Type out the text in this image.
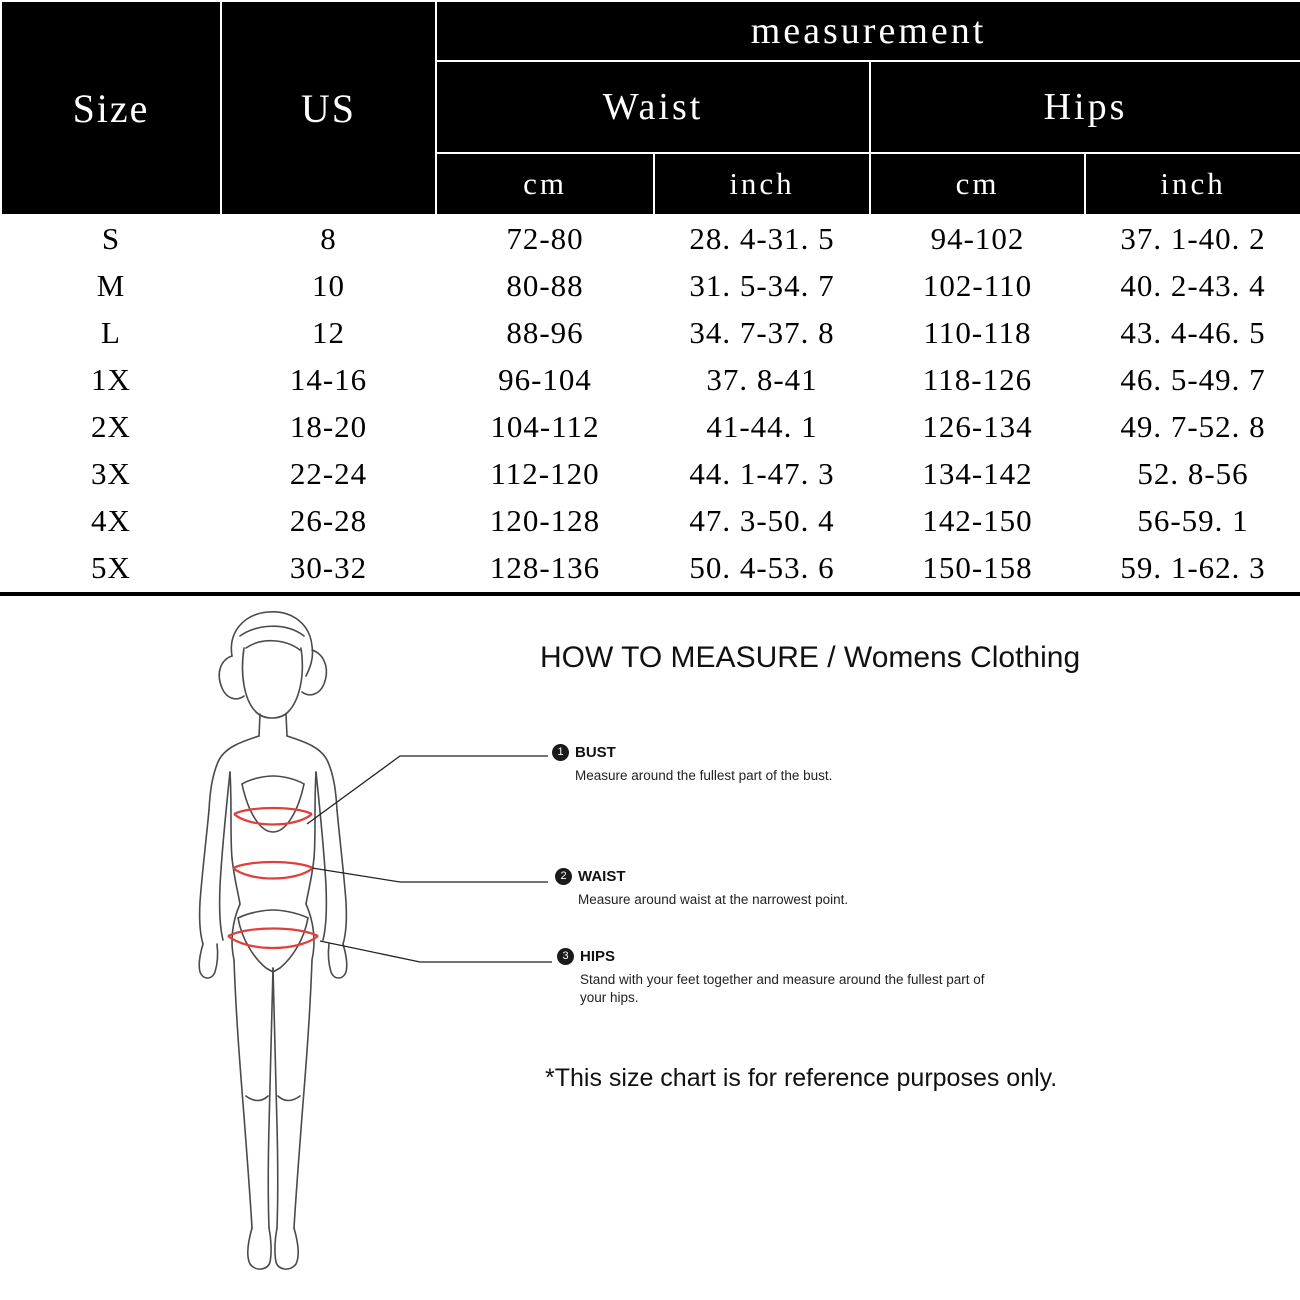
Size	US	measurement			
		Waist		Hips	
		cm	inch	cm	inch
S	8	72-80	28. 4-31. 5	94-102	37. 1-40. 2
M	10	80-88	31. 5-34. 7	102-110	40. 2-43. 4
L	12	88-96	34. 7-37. 8	110-118	43. 4-46. 5
1X	14-16	96-104	37. 8-41	118-126	46. 5-49. 7
2X	18-20	104-112	41-44. 1	126-134	49. 7-52. 8
3X	22-24	112-120	44. 1-47. 3	134-142	52. 8-56
4X	26-28	120-128	47. 3-50. 4	142-150	56-59. 1
5X	30-32	128-136	50. 4-53. 6	150-158	59. 1-62. 3
HOW TO MEASURE / Womens Clothing
1 BUST
Measure around the fullest part of the bust.
2 WAIST
Measure around waist at the narrowest point.
3 HIPS
Stand with your feet together and measure around the fullest part of your hips.
*This size chart is for reference purposes only.
